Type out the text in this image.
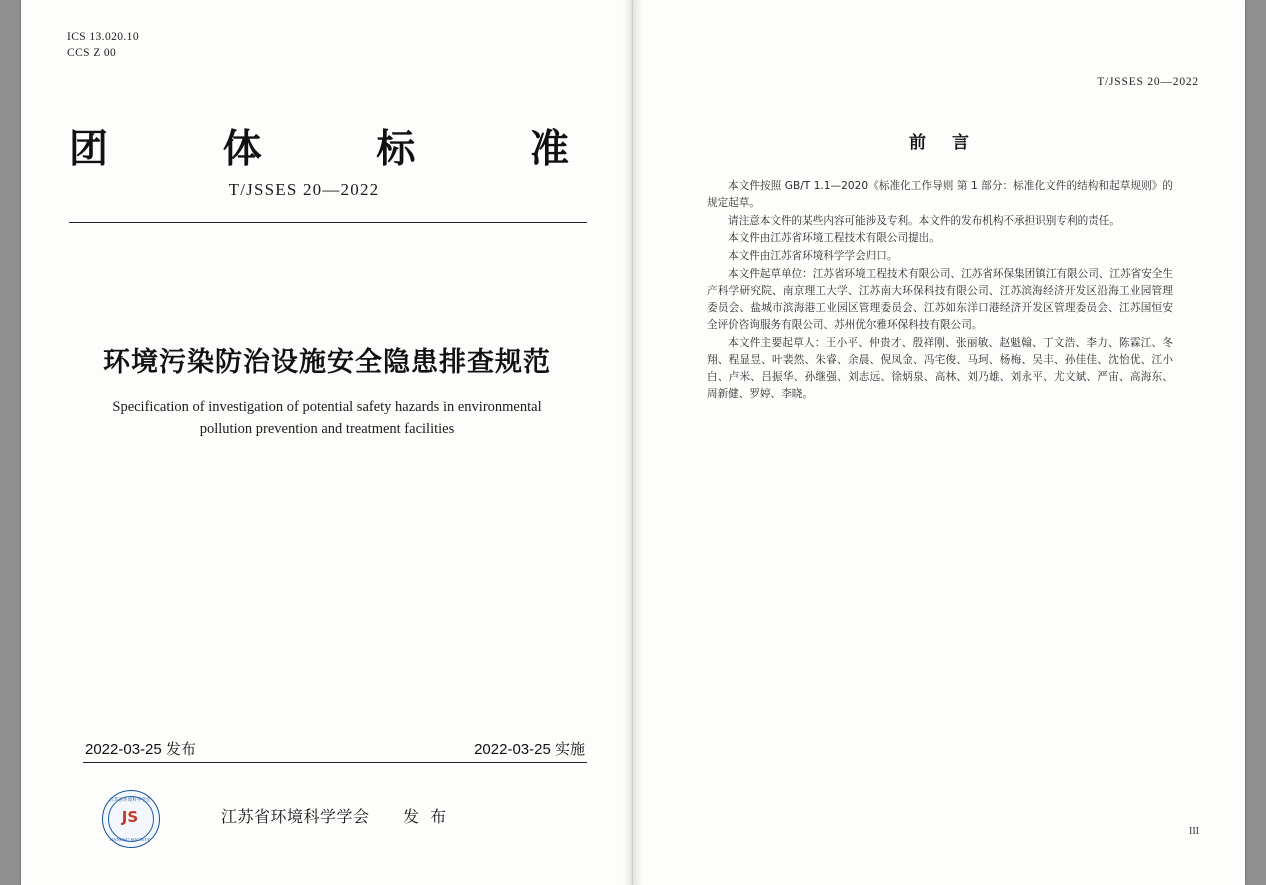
ICS 13.020.10
CCS Z 00
团	体	标	准
T/JSSES 20—2022
环境污染防治设施安全隐患排查规范
Specification of investigation of potential safety hazards in environmental
pollution prevention and treatment facilities
2022-03-25 发布	2022-03-25 实施
江苏省环境科学学会
JS
JIANGSU SOCIETY
江苏省环境科学学会 发 布
T/JSSES 20—2022
前 言

本文件按照 GB/T 1.1—2020《标准化工作导则 第 1 部分：标准化文件的结构和起草规则》的规定起草。

请注意本文件的某些内容可能涉及专利。本文件的发布机构不承担识别专利的责任。

本文件由江苏省环境工程技术有限公司提出。

本文件由江苏省环境科学学会归口。

本文件起草单位：江苏省环境工程技术有限公司、江苏省环保集团镇江有限公司、江苏省安全生产科学研究院、南京理工大学、江苏南大环保科技有限公司、江苏滨海经济开发区沿海工业园管理委员会、盐城市滨海港工业园区管理委员会、江苏如东洋口港经济开发区管理委员会、江苏国恒安全评价咨询服务有限公司、苏州优尔雅环保科技有限公司。

本文件主要起草人：王小平、仲贵才、殷祥刚、张丽敏、赵魁翰、丁文浩、李力、陈霖江、冬翔、程显昱、叶裴然、朱睿、余晨、倪凤金、冯宅俊、马珂、杨梅、吴丰、孙佳佳、沈怡优、江小白、卢米、吕振华、孙继强、刘志远、徐炳泉、高林、刘乃雄、刘永平、尤文斌、严宙、高海东、周新健、罗婷、李晓。

III
